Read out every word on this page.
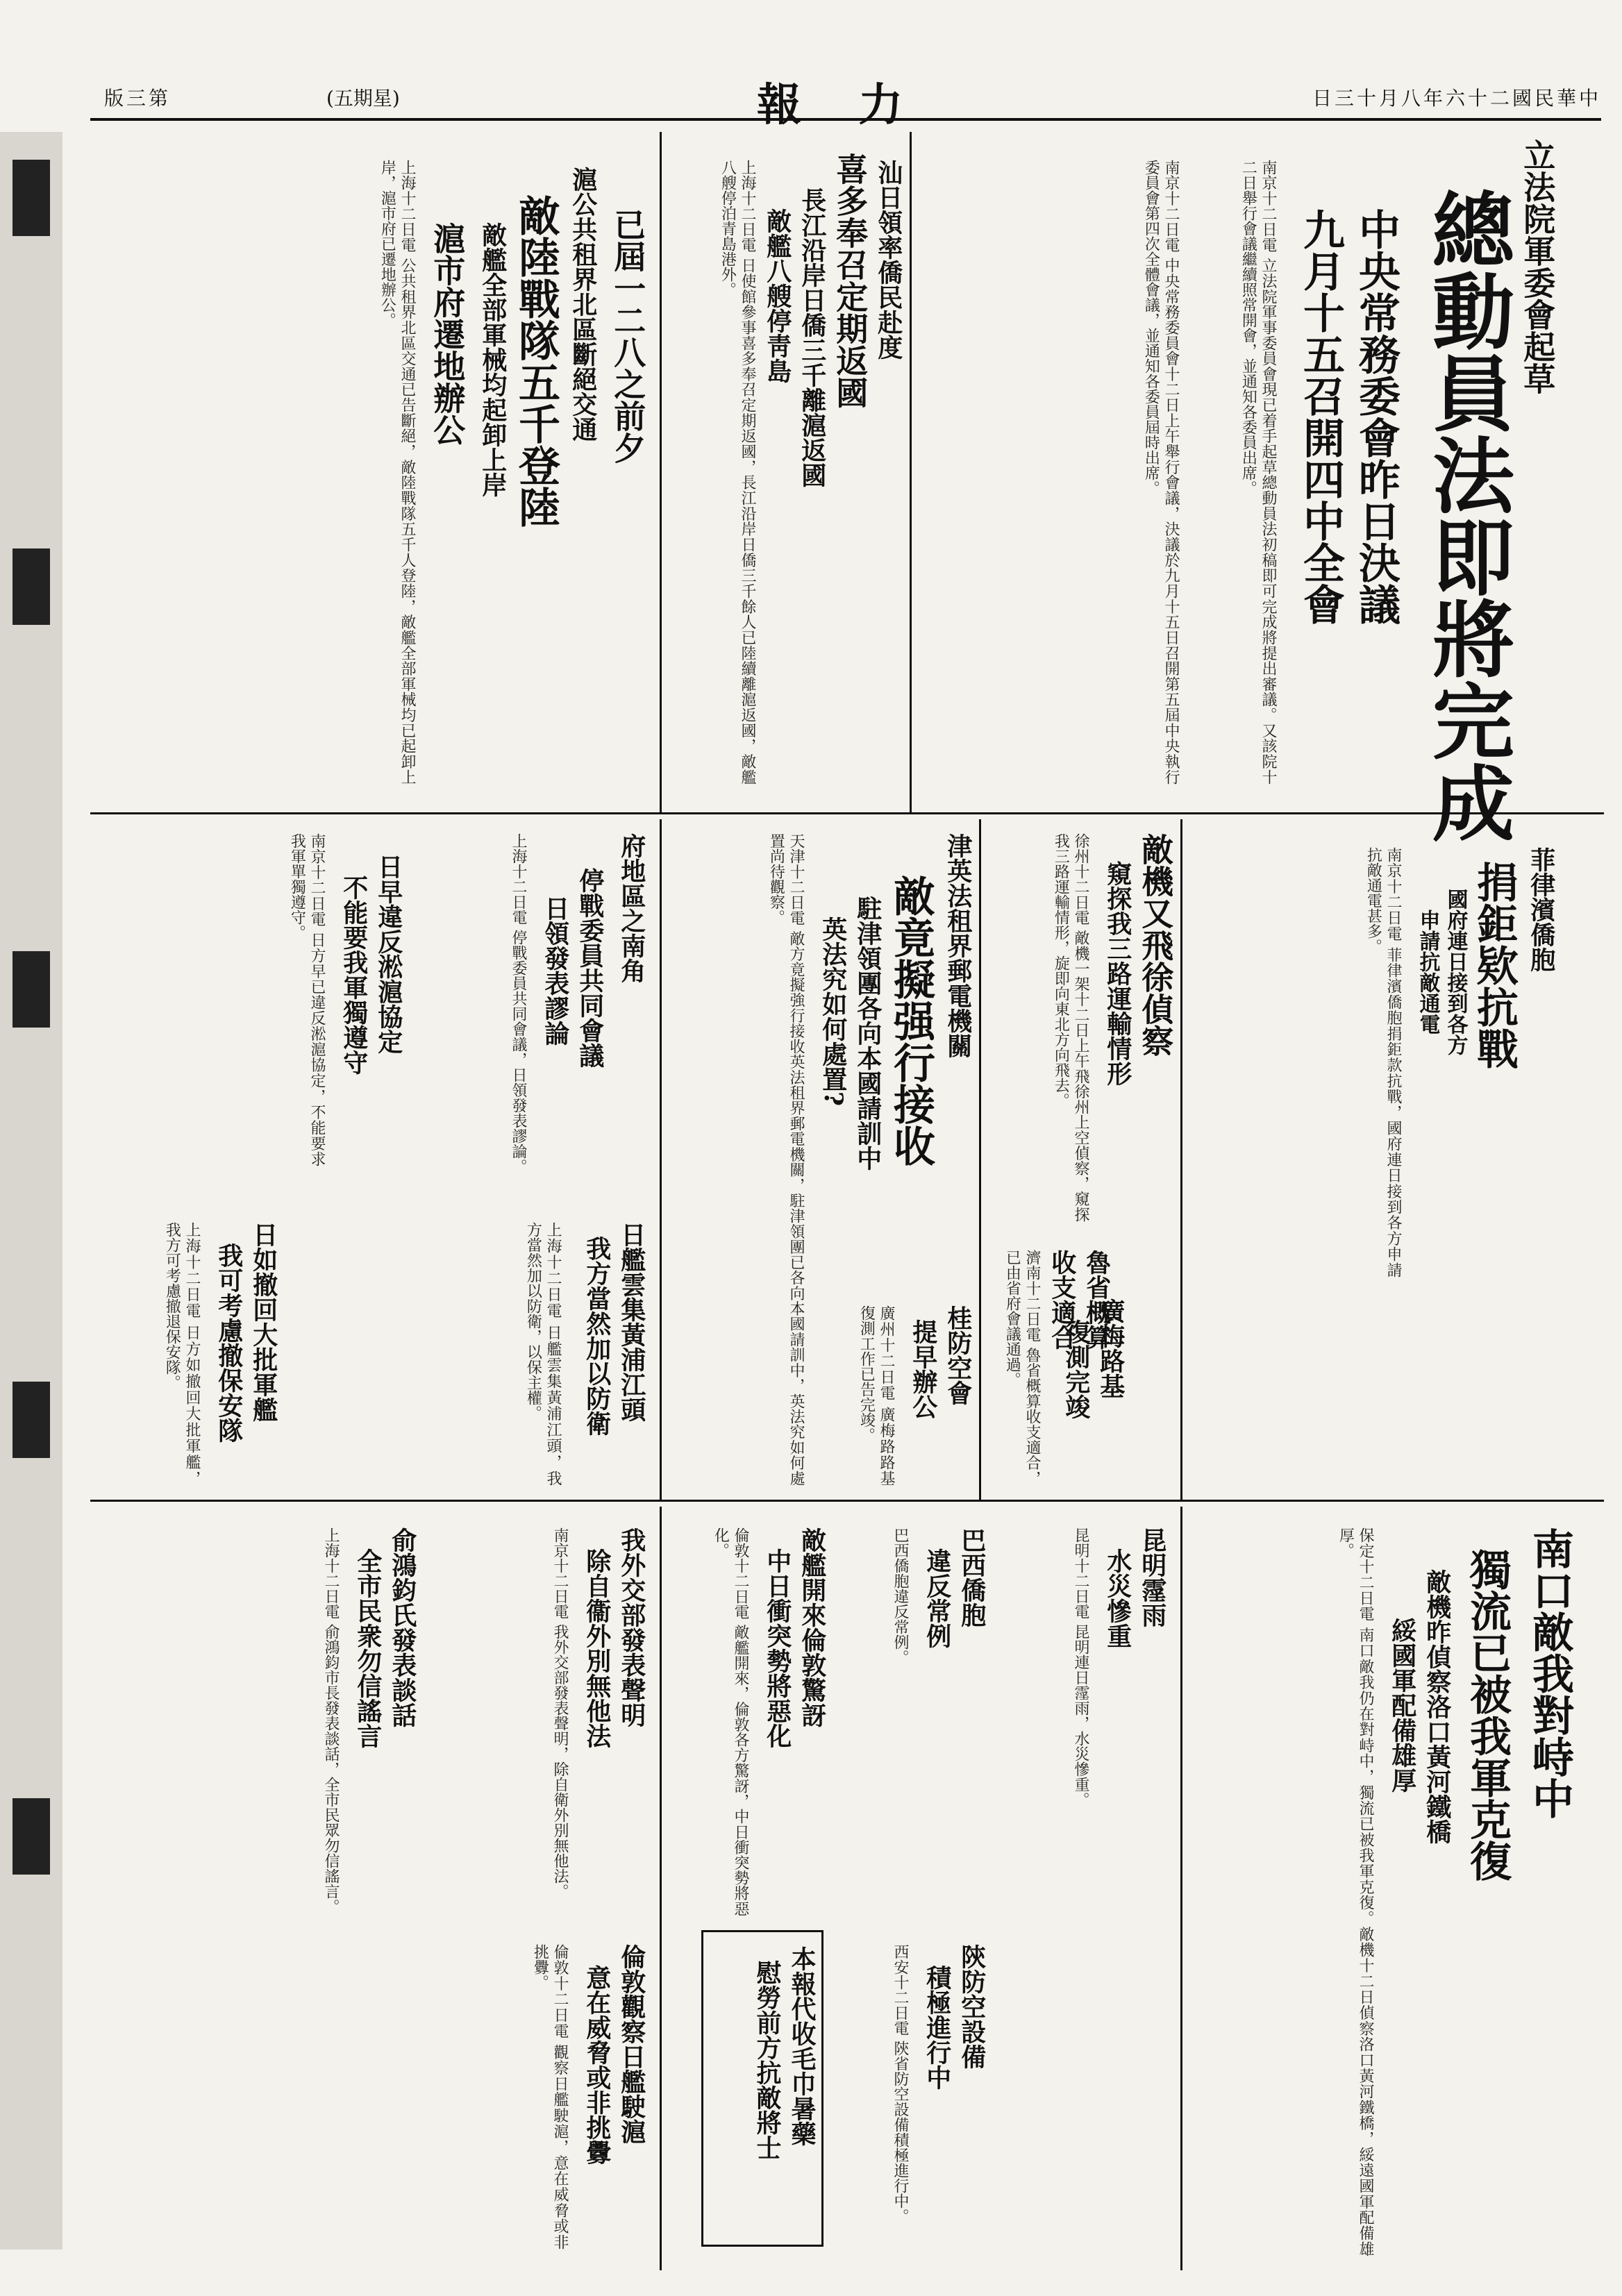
日三十月八年六十二國民華中
報 力
(五期星)
版三第
立法院軍委會起草
總動員法即將完成
中央常務委會昨日決議
九月十五召開四中全會
南京十二日電 立法院軍事委員會現已着手起草總動員法初稿即可完成將提出審議。又該院十二日舉行會議繼續照常開會，並通知各委員出席。
南京十二日電 中央常務委員會十二日上午舉行會議，決議於九月十五日召開第五屆中央執行委員會第四次全體會議，並通知各委員屆時出席。
汕日領率僑民赴度
喜多奉召定期返國
長江沿岸日僑三千離滬返國
敵艦八艘停靑島
上海十二日電 日使館參事喜多奉召定期返國，長江沿岸日僑三千餘人已陸續離滬返國，敵艦八艘停泊青島港外。
滬公共租界北區斷絕交通
敵陸戰隊五千登陸
敵艦全部軍械均起卸上岸
滬市府遷地辦公	已屆一二八之前夕
上海十二日電 公共租界北區交通已告斷絕，敵陸戰隊五千人登陸，敵艦全部軍械均已起卸上岸，滬市府已遷地辦公。
敵機又飛徐偵察
窺探我三路運輸情形
徐州十二日電 敵機一架十二日上午飛徐州上空偵察，窺探我三路運輸情形，旋即向東北方向飛去。
魯省概算
收支適合
濟南十二日電 魯省概算收支適合，已由省府會議通過。
津英法租界郵電機關
敵竟擬强行接收
駐津領團各向本國請訓中
英法究如何處置?
天津十二日電 敵方竟擬強行接收英法租界郵電機關，駐津領團已各向本國請訓中，英法究如何處置尚待觀察。	菲律濱僑胞
捐鉅欵抗戰
國府連日接到各方
申請抗敵通電
南京十二日電 菲律濱僑胞捐鉅款抗戰，國府連日接到各方申請抗敵通電甚多。
廣梅路基
復測完竣
桂防空會
提早辦公
廣州十二日電 廣梅路路基復測工作已告完竣。
府地區之南角
停戰委員共同會議
日領發表謬論
上海十二日電 停戰委員共同會議，日領發表謬論。
日早違反淞滬協定
不能要我軍獨遵守
南京十二日電 日方早已違反淞滬協定，不能要求我軍單獨遵守。
日艦雲集黃浦江頭
我方當然加以防衛
上海十二日電 日艦雲集黃浦江頭，我方當然加以防衛，以保主權。
日如撤回大批軍艦
我可考慮撤保安隊
上海十二日電 日方如撤回大批軍艦，我方可考慮撤退保安隊。
南口敵我對峙中
獨流已被我軍克復
敵機昨偵察洛口黃河鐵橋
綏國軍配備雄厚
保定十二日電 南口敵我仍在對峙中，獨流已被我軍克復。敵機十二日偵察洛口黃河鐵橋，綏遠國軍配備雄厚。
昆明霪雨
水災慘重
昆明十二日電 昆明連日霪雨，水災慘重。
巴西僑胞
違反常例
巴西僑胞違反常例。
陝防空設備
積極進行中
西安十二日電 陝省防空設備積極進行中。
本報代收毛巾暑藥
慰勞前方抗敵將士
敵艦開來倫敦驚訝
中日衝突勢將惡化
倫敦十二日電 敵艦開來，倫敦各方驚訝，中日衝突勢將惡化。
我外交部發表聲明
除自衞外別無他法
南京十二日電 我外交部發表聲明，除自衛外別無他法。
俞鴻鈞氏發表談話
全市民衆勿信謠言
上海十二日電 俞鴻鈞市長發表談話，全市民眾勿信謠言。
倫敦觀察日艦駛滬
意在威脅或非挑釁
倫敦十二日電 觀察日艦駛滬，意在威脅或非挑釁。
